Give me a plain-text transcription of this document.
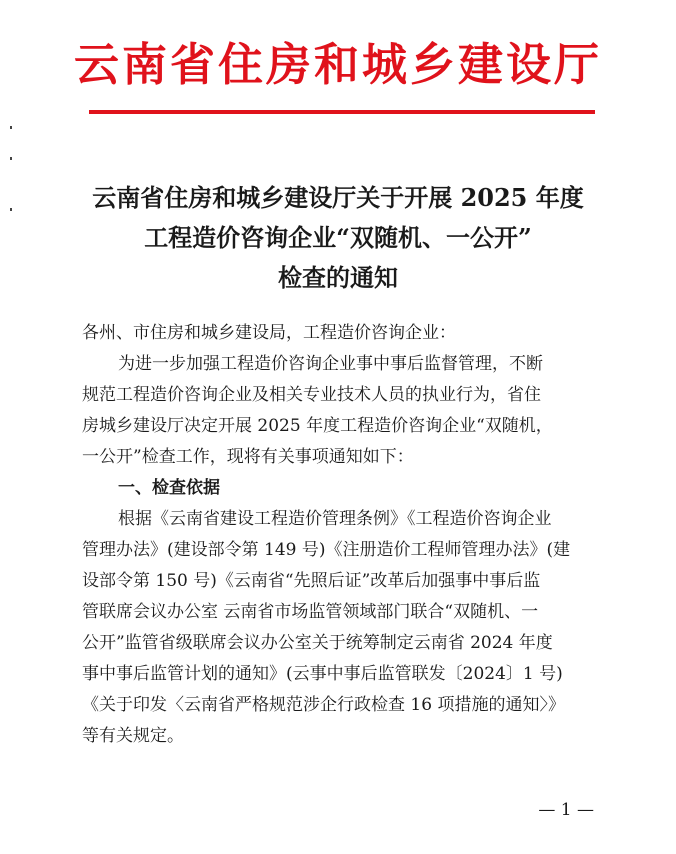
云南省住房和城乡建设厅
云南省住房和城乡建设厅关于开展 2025 年度
工程造价咨询企业“双随机、一公开”
检查的通知
各州、市住房和城乡建设局，工程造价咨询企业：
为进一步加强工程造价咨询企业事中事后监督管理，不断
规范工程造价咨询企业及相关专业技术人员的执业行为，省住
房城乡建设厅决定开展 2025 年度工程造价咨询企业“双随机，
一公开”检查工作，现将有关事项通知如下：
一、检查依据
根据《云南省建设工程造价管理条例》《工程造价咨询企业
管理办法》(建设部令第 149 号)《注册造价工程师管理办法》(建
设部令第 150 号)《云南省“先照后证”改革后加强事中事后监
管联席会议办公室 云南省市场监管领域部门联合“双随机、一
公开”监管省级联席会议办公室关于统筹制定云南省 2024 年度
事中事后监管计划的通知》(云事中事后监管联发〔2024〕1 号)
《关于印发〈云南省严格规范涉企行政检查 16 项措施的通知〉》
等有关规定。
— 1 —
